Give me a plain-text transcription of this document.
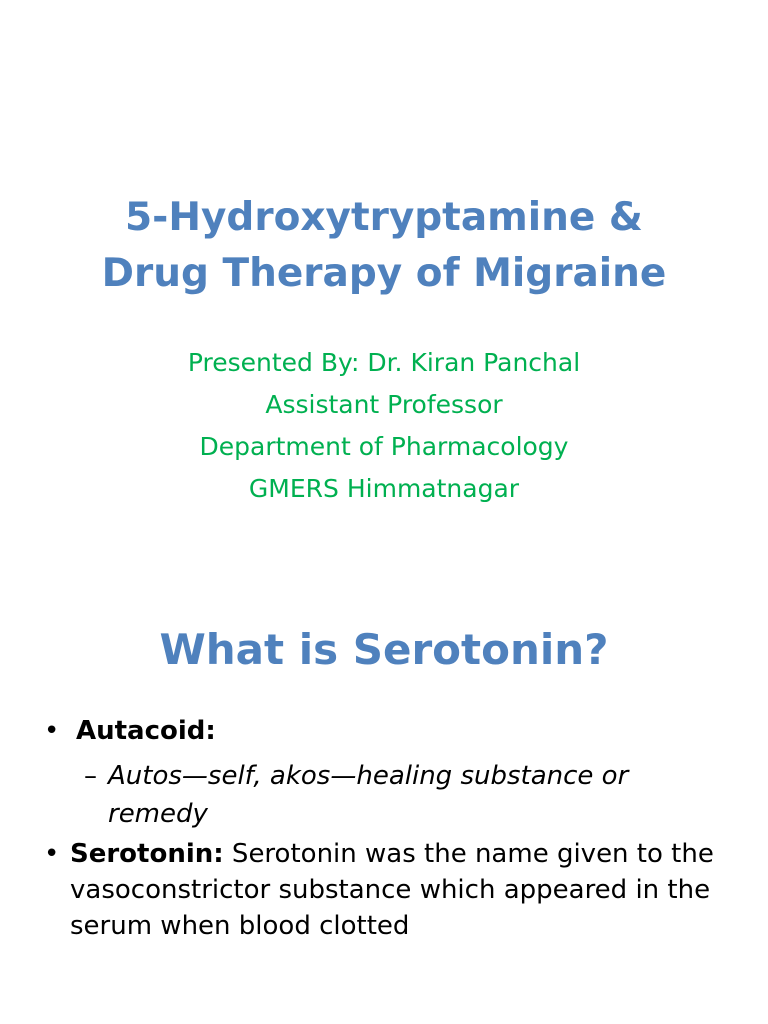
5-Hydroxytryptamine &
Drug Therapy of Migraine
Presented By: Dr. Kiran Panchal
Assistant Professor
Department of Pharmacology
GMERS Himmatnagar
What is Serotonin?
• Autacoid:
– Autos—self, akos—healing substance or remedy
• Serotonin: Serotonin was the name given to the vasoconstrictor substance which appeared in the serum when blood clotted
